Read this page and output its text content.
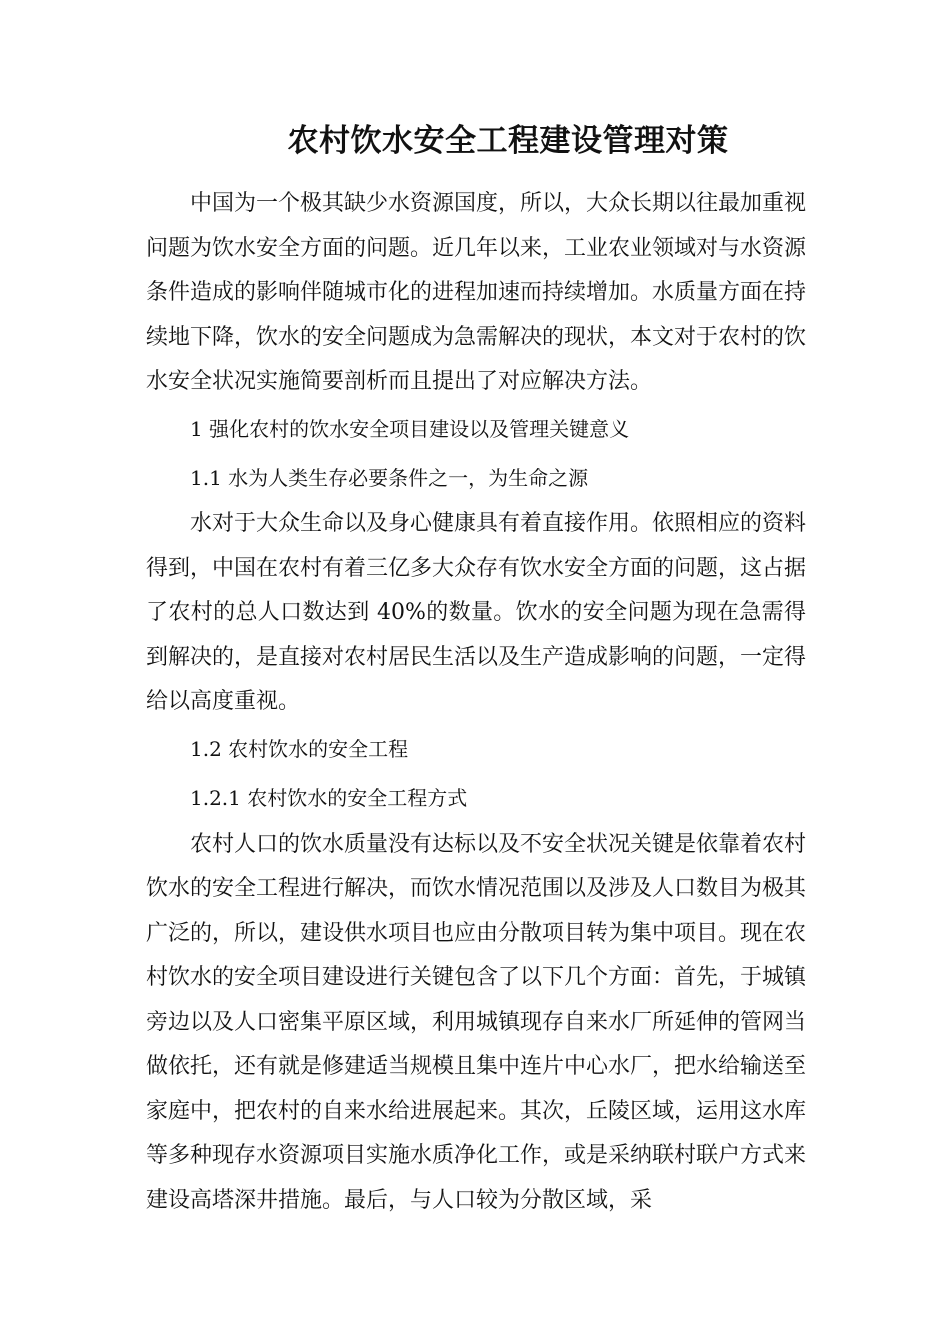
农村饮水安全工程建设管理对策

中国为一个极其缺少水资源国度，所以，大众长期以往最加重视问题为饮水安全方面的问题。近几年以来，工业农业领域对与水资源条件造成的影响伴随城市化的进程加速而持续增加。水质量方面在持续地下降，饮水的安全问题成为急需解决的现状，本文对于农村的饮水安全状况实施简要剖析而且提出了对应解决方法。

1 强化农村的饮水安全项目建设以及管理关键意义

1.1 水为人类生存必要条件之一，为生命之源

水对于大众生命以及身心健康具有着直接作用。依照相应的资料得到，中国在农村有着三亿多大众存有饮水安全方面的问题，这占据了农村的总人口数达到 40%的数量。饮水的安全问题为现在急需得到解决的，是直接对农村居民生活以及生产造成影响的问题，一定得给以高度重视。

1.2 农村饮水的安全工程

1.2.1 农村饮水的安全工程方式

农村人口的饮水质量没有达标以及不安全状况关键是依靠着农村饮水的安全工程进行解决，而饮水情况范围以及涉及人口数目为极其广泛的，所以，建设供水项目也应由分散项目转为集中项目。现在农村饮水的安全项目建设进行关键包含了以下几个方面：首先，于城镇旁边以及人口密集平原区域，利用城镇现存自来水厂所延伸的管网当做依托，还有就是修建适当规模且集中连片中心水厂，把水给输送至家庭中，把农村的自来水给进展起来。其次，丘陵区域，运用这水库等多种现存水资源项目实施水质净化工作，或是采纳联村联户方式来建设高塔深井措施。最后，与人口较为分散区域，采
